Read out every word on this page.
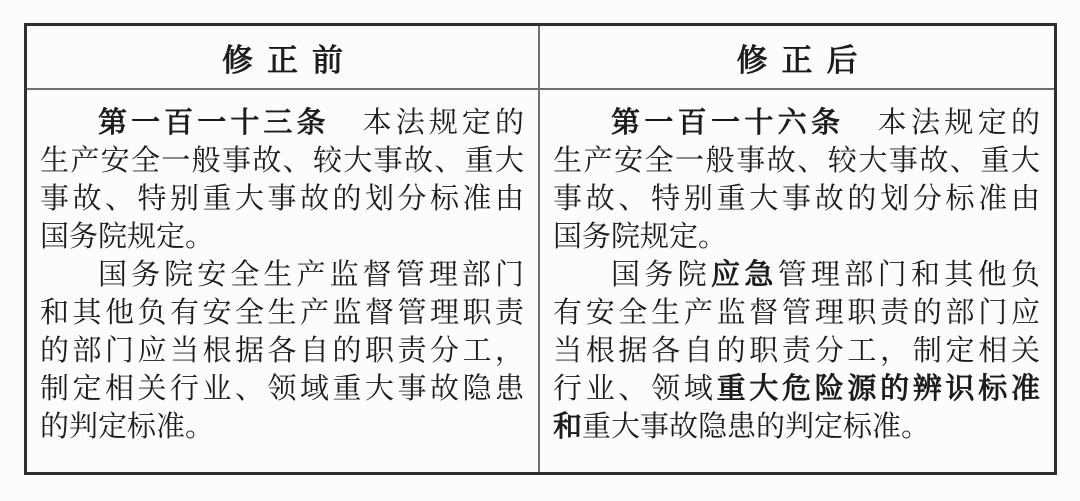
修正前
第一百一十三条　本法规定的
生产安全一般事故、较大事故、重大
事故、特别重大事故的划分标准由
国务院规定。
国务院安全生产监督管理部门
和其他负有安全生产监督管理职责
的部门应当根据各自的职责分工，
制定相关行业、领域重大事故隐患
的判定标准。
修正后
第一百一十六条　本法规定的
生产安全一般事故、较大事故、重大
事故、特别重大事故的划分标准由
国务院规定。
国务院应急管理部门和其他负
有安全生产监督管理职责的部门应
当根据各自的职责分工，制定相关
行业、领域重大危险源的辨识标准
和重大事故隐患的判定标准。
